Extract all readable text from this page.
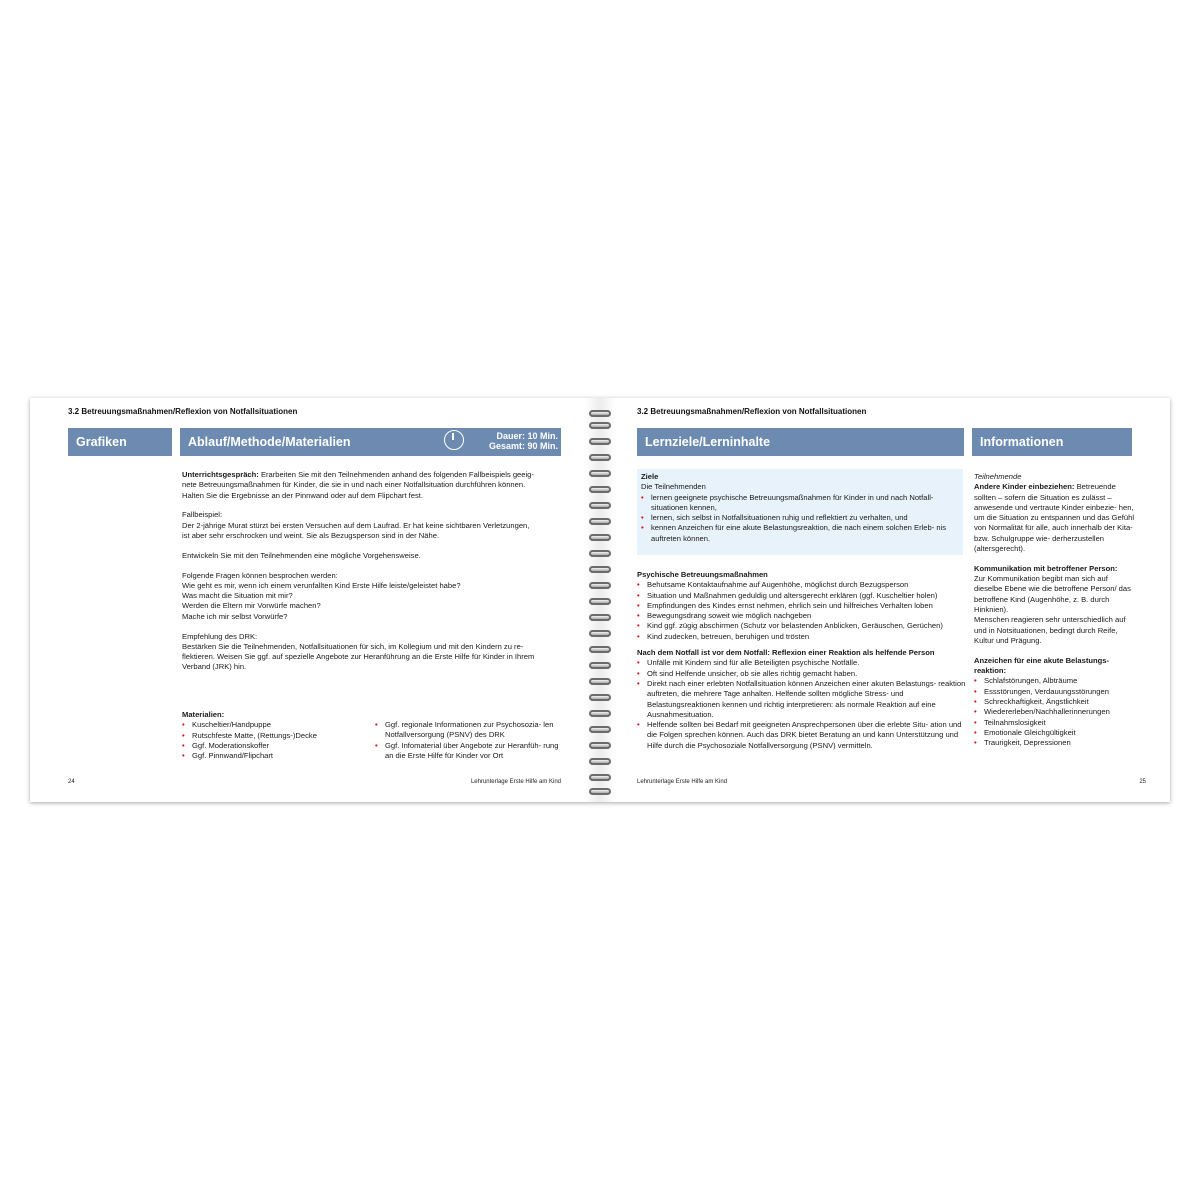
3.2 Betreuungsmaßnahmen/Reflexion von Notfallsituationen
Grafiken	Ablauf/Methode/Materialien	Dauer: 10 Min.
Gesamt: 90 Min.

Unterrichtsgespräch: Erarbeiten Sie mit den Teilnehmenden anhand des folgenden Fallbeispiels geeig-

nete Betreuungsmaßnahmen für Kinder, die sie in und nach einer Notfallsituation durchführen können.

Halten Sie die Ergebnisse an der Pinnwand oder auf dem Flipchart fest.

Fallbeispiel:

Der 2-jährige Murat stürzt bei ersten Versuchen auf dem Laufrad. Er hat keine sichtbaren Verletzungen,

ist aber sehr erschrocken und weint. Sie als Bezugsperson sind in der Nähe.

Entwickeln Sie mit den Teilnehmenden eine mögliche Vorgehensweise.

Folgende Fragen können besprochen werden:

Wie geht es mir, wenn ich einem verunfallten Kind Erste Hilfe leiste/geleistet habe?

Was macht die Situation mit mir?

Werden die Eltern mir Vorwürfe machen?

Mache ich mir selbst Vorwürfe?

Empfehlung des DRK:

Bestärken Sie die Teilnehmenden, Notfallsituationen für sich, im Kollegium und mit den Kindern zu re-

flektieren. Weisen Sie ggf. auf spezielle Angebote zur Heranführung an die Erste Hilfe für Kinder in Ihrem

Verband (JRK) hin.

Materialien:

• Kuscheltier/Handpuppe
• Rutschfeste Matte, (Rettungs-)Decke
• Ggf. Moderationskoffer
• Ggf. Pinnwand/Flipchart
• Ggf. regionale Informationen zur Psychosozia- len Notfallversorgung (PSNV) des DRK
• Ggf. Infomaterial über Angebote zur Heranfüh- rung an die Erste Hilfe für Kinder vor Ort
24	Lehrunterlage Erste Hilfe am Kind
3.2 Betreuungsmaßnahmen/Reflexion von Notfallsituationen
Lernziele/Lerninhalte	Informationen

Ziele

Die Teilnehmenden

• lernen geeignete psychische Betreuungsmaßnahmen für Kinder in und nach Notfall- situationen kennen,
• lernen, sich selbst in Notfallsituationen ruhig und reflektiert zu verhalten, und
• kennen Anzeichen für eine akute Belastungsreaktion, die nach einem solchen Erleb- nis auftreten können.

Psychische Betreuungsmaßnahmen

• Behutsame Kontaktaufnahme auf Augenhöhe, möglichst durch Bezugsperson
• Situation und Maßnahmen geduldig und altersgerecht erklären (ggf. Kuscheltier holen)
• Empfindungen des Kindes ernst nehmen, ehrlich sein und hilfreiches Verhalten loben
• Bewegungsdrang soweit wie möglich nachgeben
• Kind ggf. zügig abschirmen (Schutz vor belastenden Anblicken, Geräuschen, Gerüchen)
• Kind zudecken, betreuen, beruhigen und trösten

Nach dem Notfall ist vor dem Notfall: Reflexion einer Reaktion als helfende Person

• Unfälle mit Kindern sind für alle Beteiligten psychische Notfälle.
• Oft sind Helfende unsicher, ob sie alles richtig gemacht haben.
• Direkt nach einer erlebten Notfallsituation können Anzeichen einer akuten Belastungs- reaktion auftreten, die mehrere Tage anhalten. Helfende sollten mögliche Stress- und Belastungsreaktionen kennen und richtig interpretieren: als normale Reaktion auf eine Ausnahmesituation.
• Helfende sollten bei Bedarf mit geeigneten Ansprechpersonen über die erlebte Situ- ation und die Folgen sprechen können. Auch das DRK bietet Beratung an und kann Unterstützung und Hilfe durch die Psychosoziale Notfallversorgung (PSNV) vermitteln.

Teilnehmende

Andere Kinder einbeziehen: Betreuende sollten – sofern die Situation es zulässt – anwesende und vertraute Kinder einbezie- hen, um die Situation zu entspannen und das Gefühl von Normalität für alle, auch innerhalb der Kita- bzw. Schulgruppe wie- derherzustellen (altersgerecht).

Kommunikation mit betroffener Person:

Zur Kommunikation begibt man sich auf dieselbe Ebene wie die betroffene Person/ das betroffene Kind (Augenhöhe, z. B. durch Hinknien).

Menschen reagieren sehr unterschiedlich auf und in Notsituationen, bedingt durch Reife, Kultur und Prägung.

Anzeichen für eine akute Belastungs- reaktion:

• Schlafstörungen, Albträume
• Essstörungen, Verdauungsstörungen
• Schreckhaftigkeit, Ängstlichkeit
• Wiedererleben/Nachhallerinnerungen
• Teilnahmslosigkeit
• Emotionale Gleichgültigkeit
• Traurigkeit, Depressionen
Lehrunterlage Erste Hilfe am Kind	25
